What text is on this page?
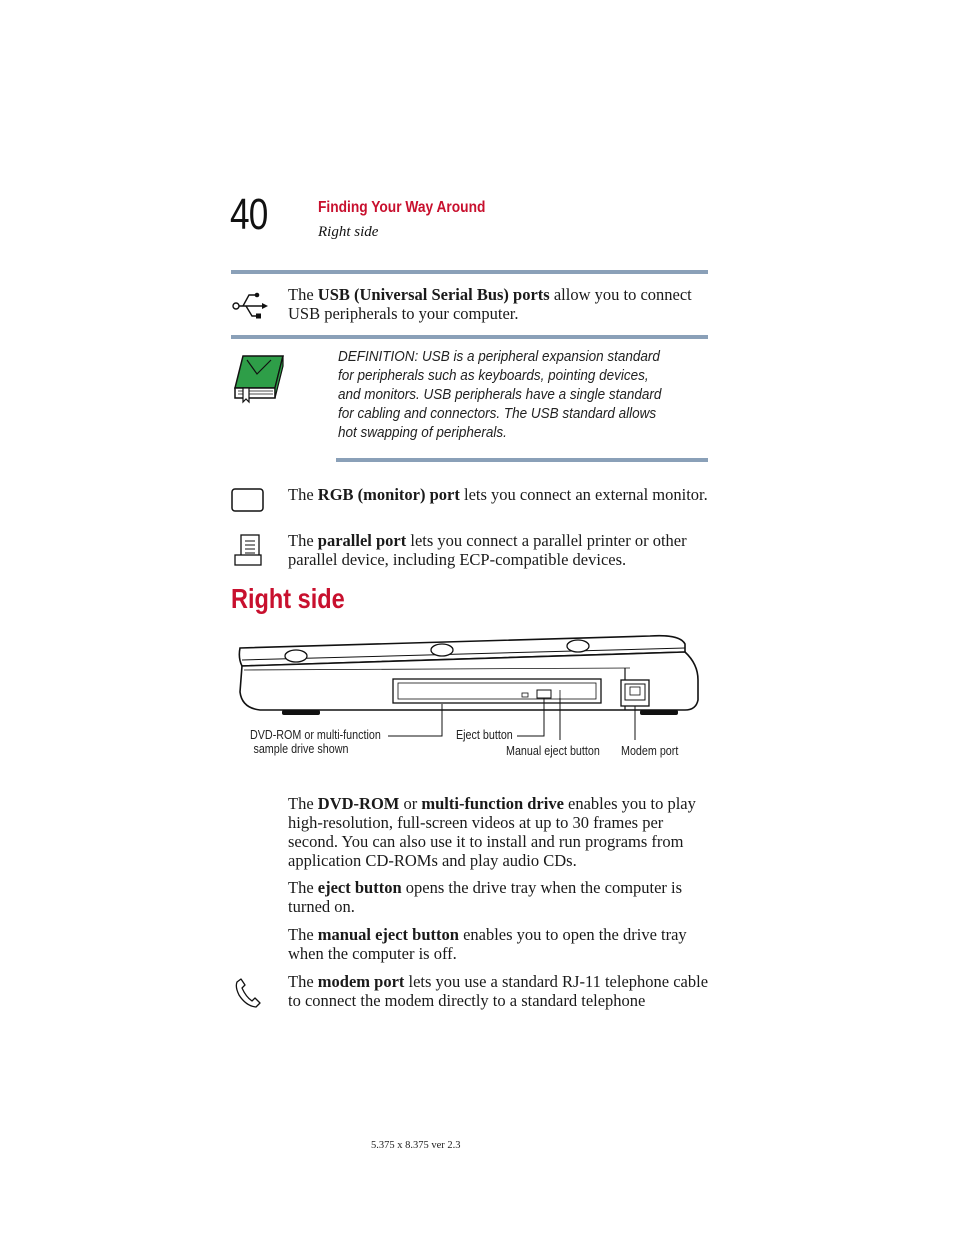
40	Finding Your Way Around
Right side
The USB (Universal Serial Bus) ports allow you to connect USB peripherals to your computer.
DEFINITION: USB is a peripheral expansion standard for peripherals such as keyboards, pointing devices, and monitors. USB peripherals have a single standard for cabling and connectors. The USB standard allows hot swapping of peripherals.
The RGB (monitor) port lets you connect an external monitor.
The parallel port lets you connect a parallel printer or other parallel device, including ECP-compatible devices.
Right side
DVD-ROM or multi-function
sample drive shown
Eject button
Manual eject button Modem port
The DVD-ROM or multi-function drive enables you to play high-resolution, full-screen videos at up to 30 frames per second. You can also use it to install and run programs from application CD-ROMs and play audio CDs.
The eject button opens the drive tray when the computer is turned on.
The manual eject button enables you to open the drive tray when the computer is off.
The modem port lets you use a standard RJ-11 telephone cable to connect the modem directly to a standard telephone
5.375 x 8.375 ver 2.3
